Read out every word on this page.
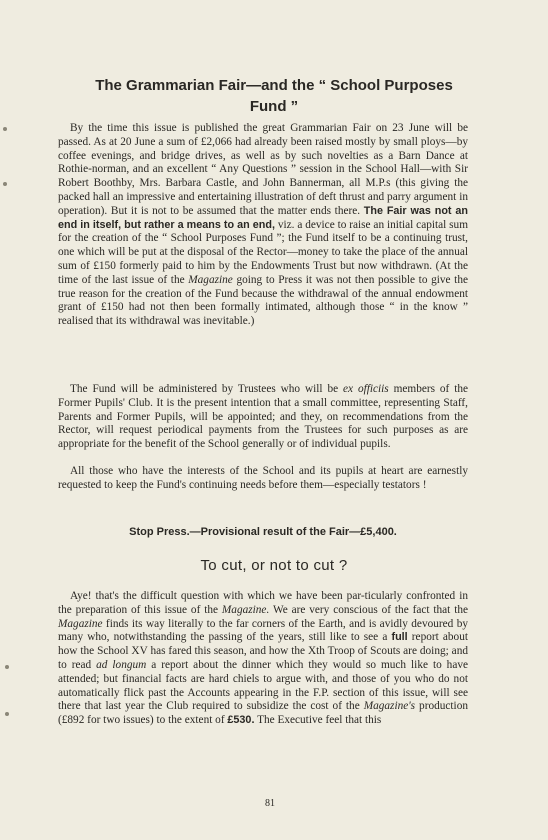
The Grammarian Fair—and the “ School Purposes Fund ”

By the time this issue is published the great Grammarian Fair on 23 June will be passed. As at 20 June a sum of £2,066 had already been raised mostly by small ploys—by coffee evenings, and bridge drives, as well as by such novelties as a Barn Dance at Rothie-norman, and an excellent “ Any Questions ” session in the School Hall—with Sir Robert Boothby, Mrs. Barbara Castle, and John Bannerman, all M.P.s (this giving the packed hall an impressive and entertaining illustration of deft thrust and parry argument in operation). But it is not to be assumed that the matter ends there. The Fair was not an end in itself, but rather a means to an end, viz. a device to raise an initial capital sum for the creation of the “ School Purposes Fund ”; the Fund itself to be a continuing trust, one which will be put at the disposal of the Rector—money to take the place of the annual sum of £150 formerly paid to him by the Endowments Trust but now withdrawn. (At the time of the last issue of the Magazine going to Press it was not then possible to give the true reason for the creation of the Fund because the withdrawal of the annual endowment grant of £150 had not then been formally intimated, although those “ in the know ” realised that its withdrawal was inevitable.)

The Fund will be administered by Trustees who will be ex officiis members of the Former Pupils' Club. It is the present intention that a small committee, representing Staff, Parents and Former Pupils, will be appointed; and they, on recommendations from the Rector, will request periodical payments from the Trustees for such purposes as are appropriate for the benefit of the School generally or of individual pupils.

All those who have the interests of the School and its pupils at heart are earnestly requested to keep the Fund's continuing needs before them—especially testators !

Stop Press.—Provisional result of the Fair—£5,400.

To cut, or not to cut ?

Aye! that's the difficult question with which we have been par-ticularly confronted in the preparation of this issue of the Magazine. We are very conscious of the fact that the Magazine finds its way literally to the far corners of the Earth, and is avidly devoured by many who, notwithstanding the passing of the years, still like to see a full report about how the School XV has fared this season, and how the Xth Troop of Scouts are doing; and to read ad longum a report about the dinner which they would so much like to have attended; but financial facts are hard chiels to argue with, and those of you who do not automatically flick past the Accounts appearing in the F.P. section of this issue, will see there that last year the Club required to subsidize the cost of the Magazine's production (£892 for two issues) to the extent of £530. The Executive feel that this

81
